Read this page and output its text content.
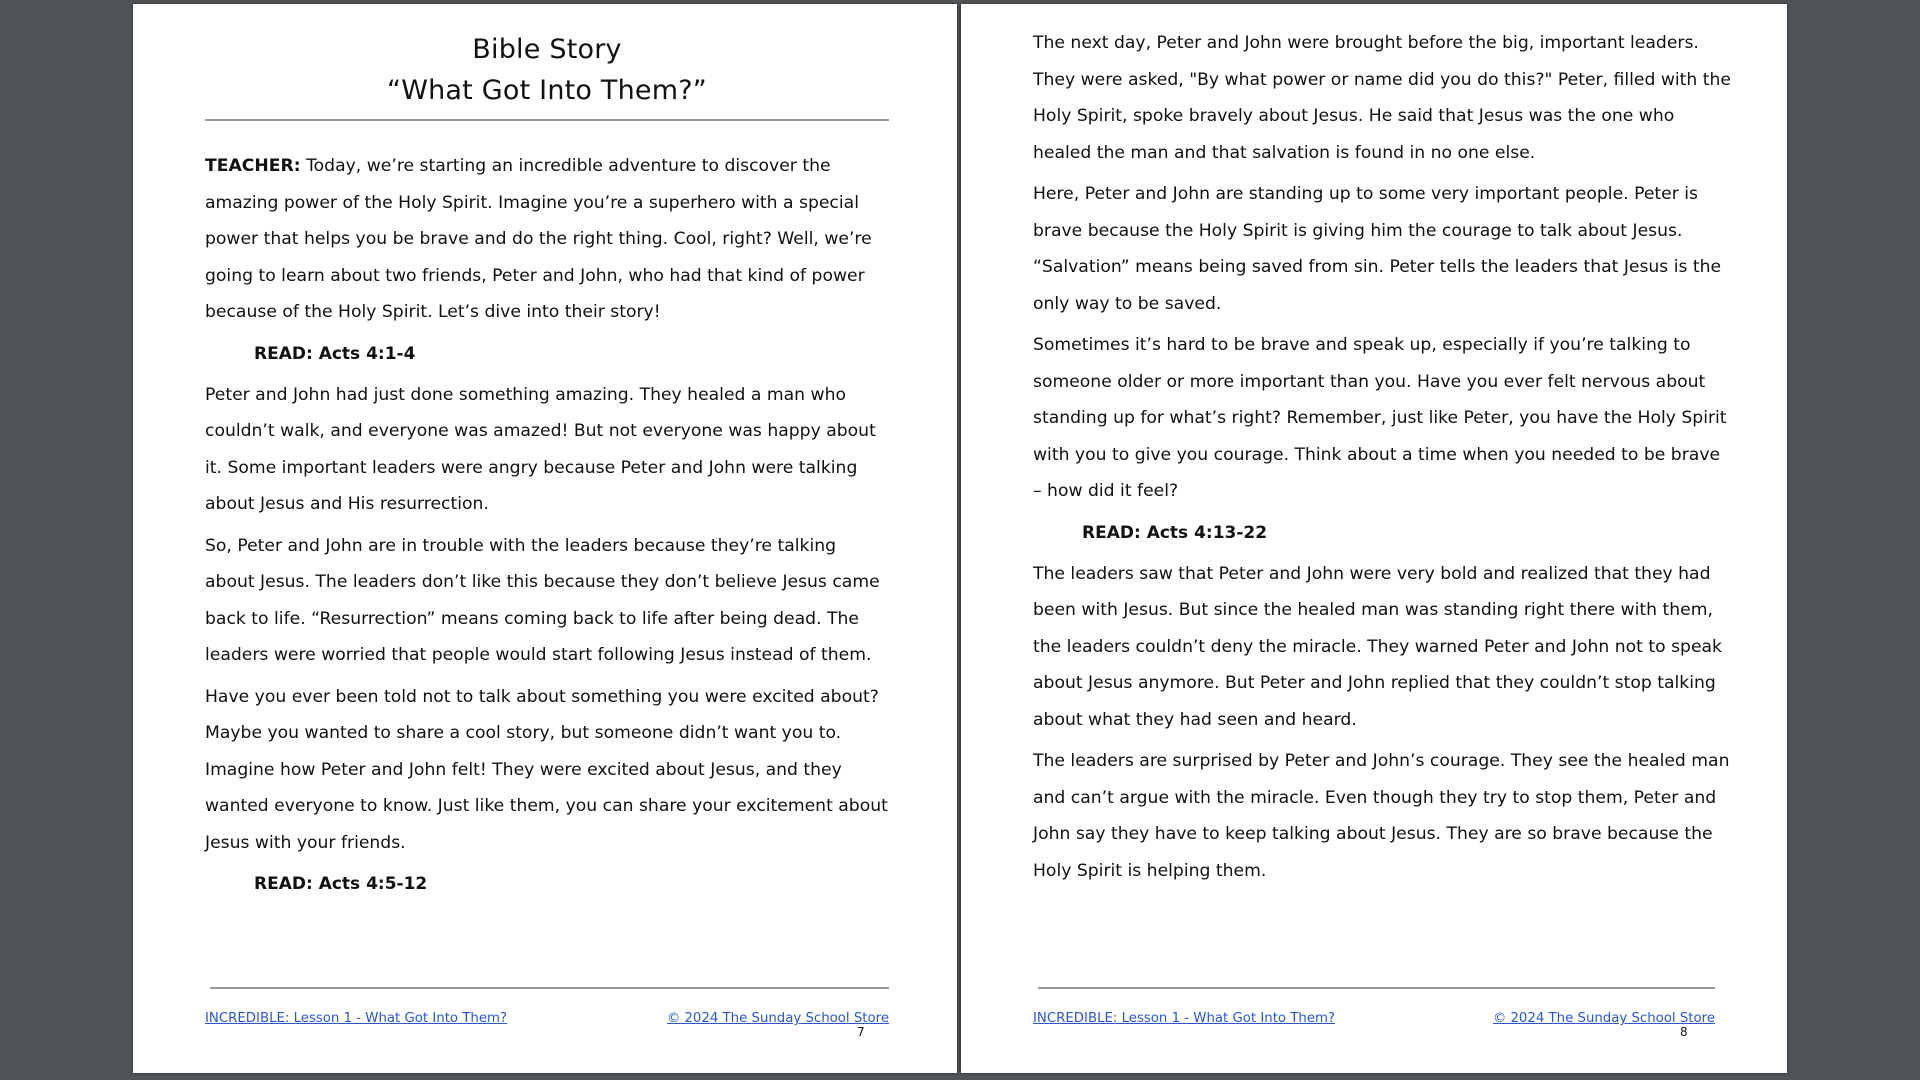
Bible Story
“What Got Into Them?”

TEACHER: Today, we’re starting an incredible adventure to discover the amazing power of the Holy Spirit. Imagine you’re a superhero with a special power that helps you be brave and do the right thing. Cool, right? Well, we’re going to learn about two friends, Peter and John, who had that kind of power because of the Holy Spirit. Let’s dive into their story!

READ: Acts 4:1-4

Peter and John had just done something amazing. They healed a man who couldn’t walk, and everyone was amazed! But not everyone was happy about it. Some important leaders were angry because Peter and John were talking about Jesus and His resurrection.

So, Peter and John are in trouble with the leaders because they’re talking about Jesus. The leaders don’t like this because they don’t believe Jesus came back to life. “Resurrection” means coming back to life after being dead. The leaders were worried that people would start following Jesus instead of them.

Have you ever been told not to talk about something you were excited about? Maybe you wanted to share a cool story, but someone didn’t want you to. Imagine how Peter and John felt! They were excited about Jesus, and they wanted everyone to know. Just like them, you can share your excitement about Jesus with your friends.

READ: Acts 4:5-12

INCREDIBLE: Lesson 1 - What Got Into Them?	© 2024 The Sunday School Store
7

The next day, Peter and John were brought before the big, important leaders. They were asked, "By what power or name did you do this?" Peter, filled with the Holy Spirit, spoke bravely about Jesus. He said that Jesus was the one who healed the man and that salvation is found in no one else.

Here, Peter and John are standing up to some very important people. Peter is brave because the Holy Spirit is giving him the courage to talk about Jesus. “Salvation” means being saved from sin. Peter tells the leaders that Jesus is the only way to be saved.

Sometimes it’s hard to be brave and speak up, especially if you’re talking to someone older or more important than you. Have you ever felt nervous about standing up for what’s right? Remember, just like Peter, you have the Holy Spirit with you to give you courage. Think about a time when you needed to be brave – how did it feel?

READ: Acts 4:13-22

The leaders saw that Peter and John were very bold and realized that they had been with Jesus. But since the healed man was standing right there with them, the leaders couldn’t deny the miracle. They warned Peter and John not to speak about Jesus anymore. But Peter and John replied that they couldn’t stop talking about what they had seen and heard.

The leaders are surprised by Peter and John’s courage. They see the healed man and can’t argue with the miracle. Even though they try to stop them, Peter and John say they have to keep talking about Jesus. They are so brave because the Holy Spirit is helping them.

INCREDIBLE: Lesson 1 - What Got Into Them?	© 2024 The Sunday School Store
8
